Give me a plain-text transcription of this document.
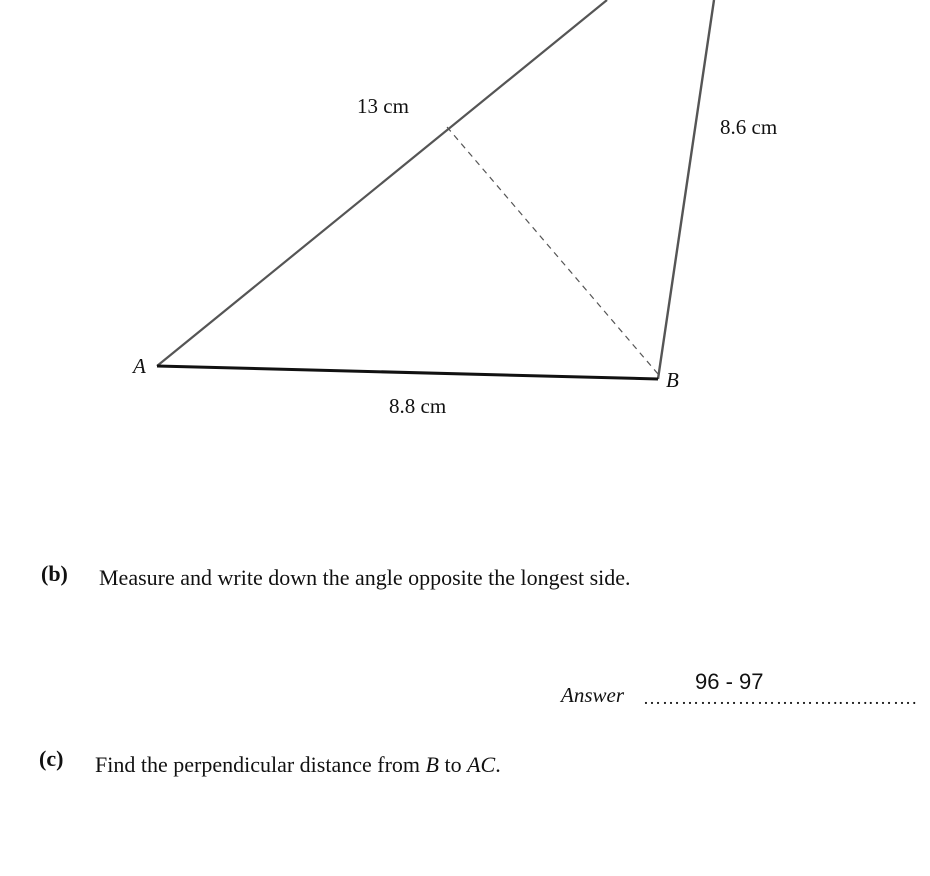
A
B
13 cm
8.6 cm
8.8 cm
(b) Measure and write down the angle opposite the longest side.
Answer
96 - 97
…………………………..…..…….
(c) Find the perpendicular distance from B to AC.
